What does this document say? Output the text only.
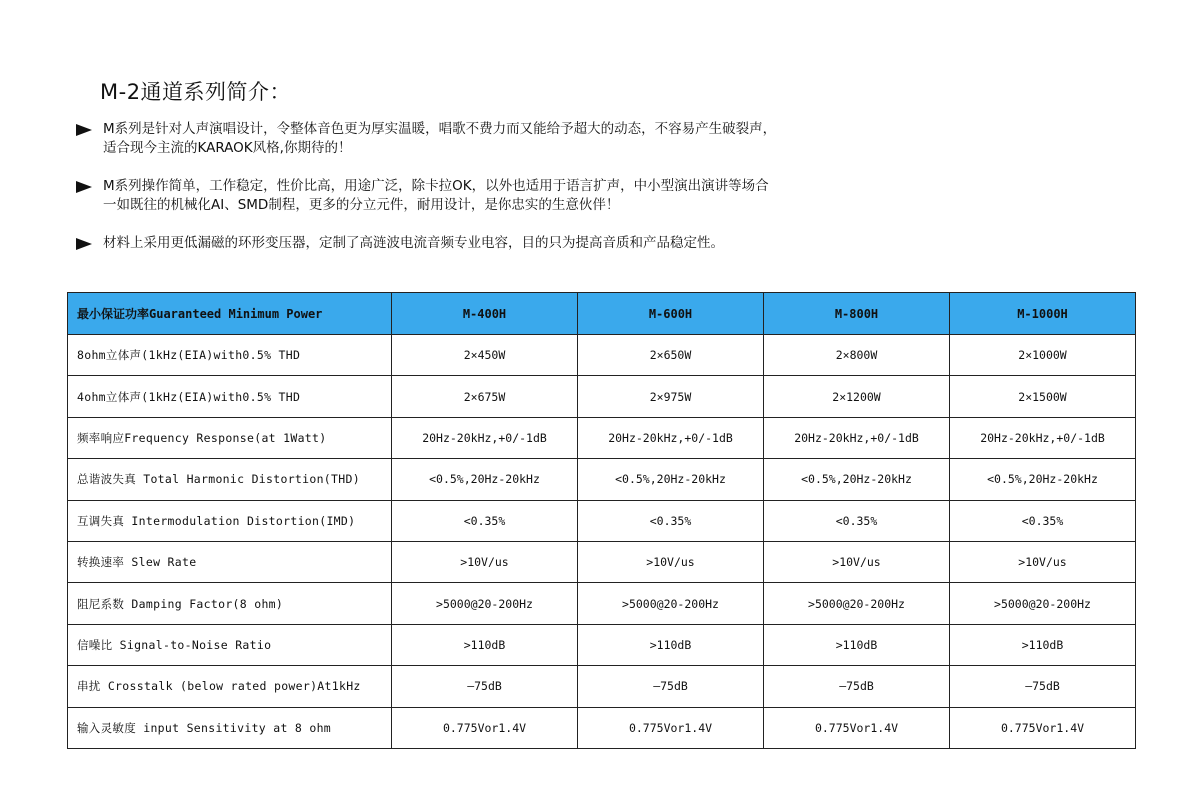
M-2通道系列简介：
M系列是针对人声演唱设计，令整体音色更为厚实温暖，唱歌不费力而又能给予超大的动态，不容易产生破裂声，
适合现今主流的KARAOK风格,你期待的！
M系列操作简单，工作稳定，性价比高，用途广泛，除卡拉OK，以外也适用于语言扩声，中小型演出演讲等场合
一如既往的机械化AI、SMD制程，更多的分立元件，耐用设计，是你忠实的生意伙伴！
材料上采用更低漏磁的环形变压器，定制了高涟波电流音频专业电容，目的只为提高音质和产品稳定性。
最小保证功率Guaranteed Minimum Power	M-400H	M-600H	M-800H	M-1000H
8ohm立体声(1kHz(EIA)with0.5% THD	2×450W	2×650W	2×800W	2×1000W
4ohm立体声(1kHz(EIA)with0.5% THD	2×675W	2×975W	2×1200W	2×1500W
频率响应Frequency Response(at 1Watt)	20Hz-20kHz,+0/-1dB	20Hz-20kHz,+0/-1dB	20Hz-20kHz,+0/-1dB	20Hz-20kHz,+0/-1dB
总谐波失真 Total Harmonic Distortion(THD)	<0.5%,20Hz-20kHz	<0.5%,20Hz-20kHz	<0.5%,20Hz-20kHz	<0.5%,20Hz-20kHz
互调失真 Intermodulation Distortion(IMD)	<0.35%	<0.35%	<0.35%	<0.35%
转换速率 Slew Rate	>10V/us	>10V/us	>10V/us	>10V/us
阻尼系数 Damping Factor(8 ohm)	>5000@20-200Hz	>5000@20-200Hz	>5000@20-200Hz	>5000@20-200Hz
信噪比 Signal-to-Noise Ratio	>110dB	>110dB	>110dB	>110dB
串扰 Crosstalk (below rated power)At1kHz	—75dB	—75dB	—75dB	—75dB
输入灵敏度 input Sensitivity at 8 ohm	0.775Vor1.4V	0.775Vor1.4V	0.775Vor1.4V	0.775Vor1.4V
